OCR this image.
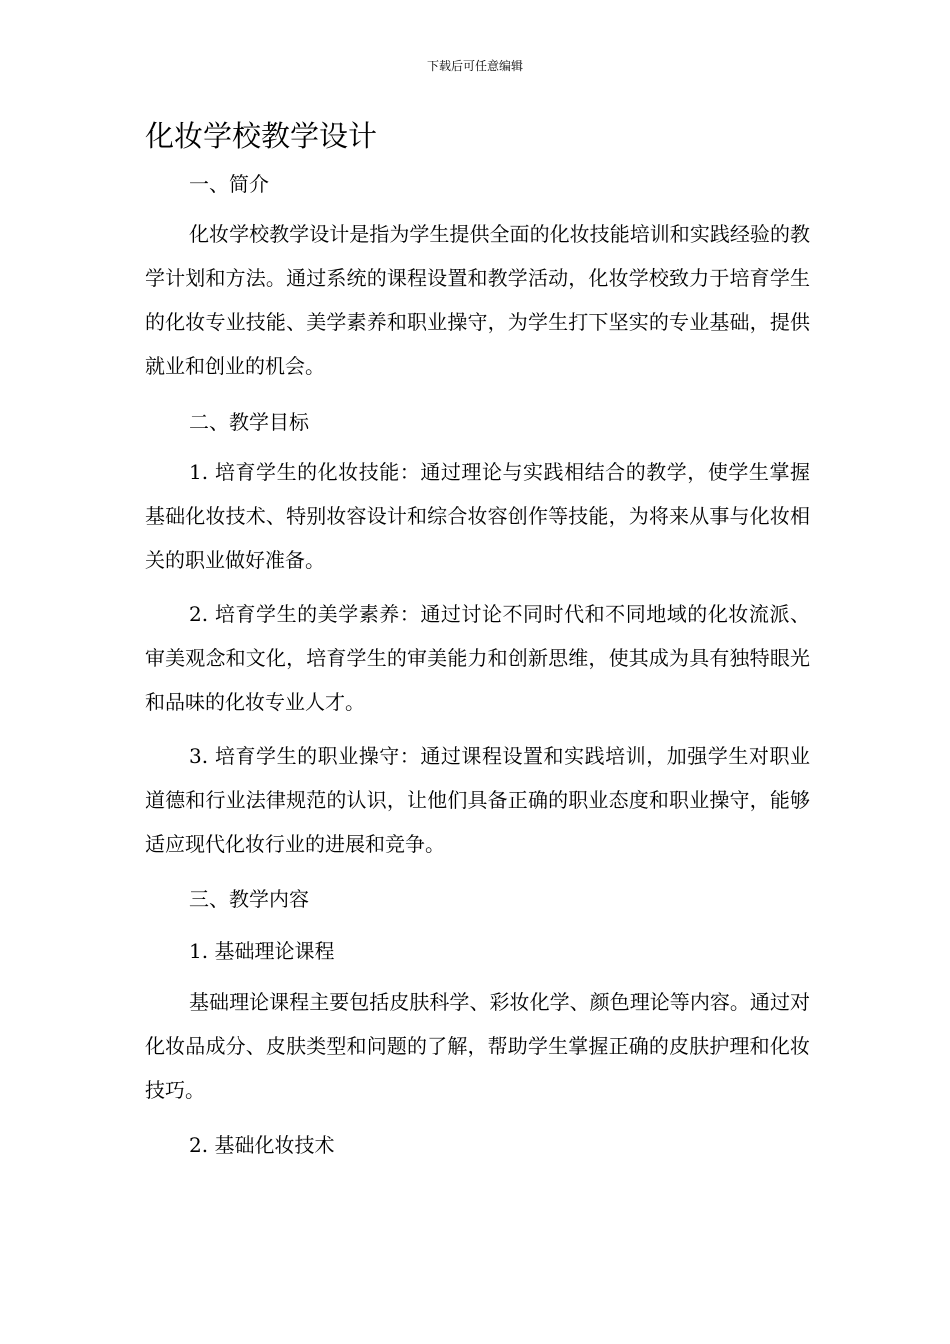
下载后可任意编辑
化妆学校教学设计
一、简介

化妆学校教学设计是指为学生提供全面的化妆技能培训和实践经验的教学计划和方法。通过系统的课程设置和教学活动，化妆学校致力于培育学生的化妆专业技能、美学素养和职业操守，为学生打下坚实的专业基础，提供就业和创业的机会。

二、教学目标

1. 培育学生的化妆技能：通过理论与实践相结合的教学，使学生掌握基础化妆技术、特别妆容设计和综合妆容创作等技能，为将来从事与化妆相关的职业做好准备。

2. 培育学生的美学素养：通过讨论不同时代和不同地域的化妆流派、审美观念和文化，培育学生的审美能力和创新思维，使其成为具有独特眼光和品味的化妆专业人才。

3. 培育学生的职业操守：通过课程设置和实践培训，加强学生对职业道德和行业法律规范的认识，让他们具备正确的职业态度和职业操守，能够适应现代化妆行业的进展和竞争。

三、教学内容
1. 基础理论课程

基础理论课程主要包括皮肤科学、彩妆化学、颜色理论等内容。通过对化妆品成分、皮肤类型和问题的了解，帮助学生掌握正确的皮肤护理和化妆技巧。

2. 基础化妆技术
